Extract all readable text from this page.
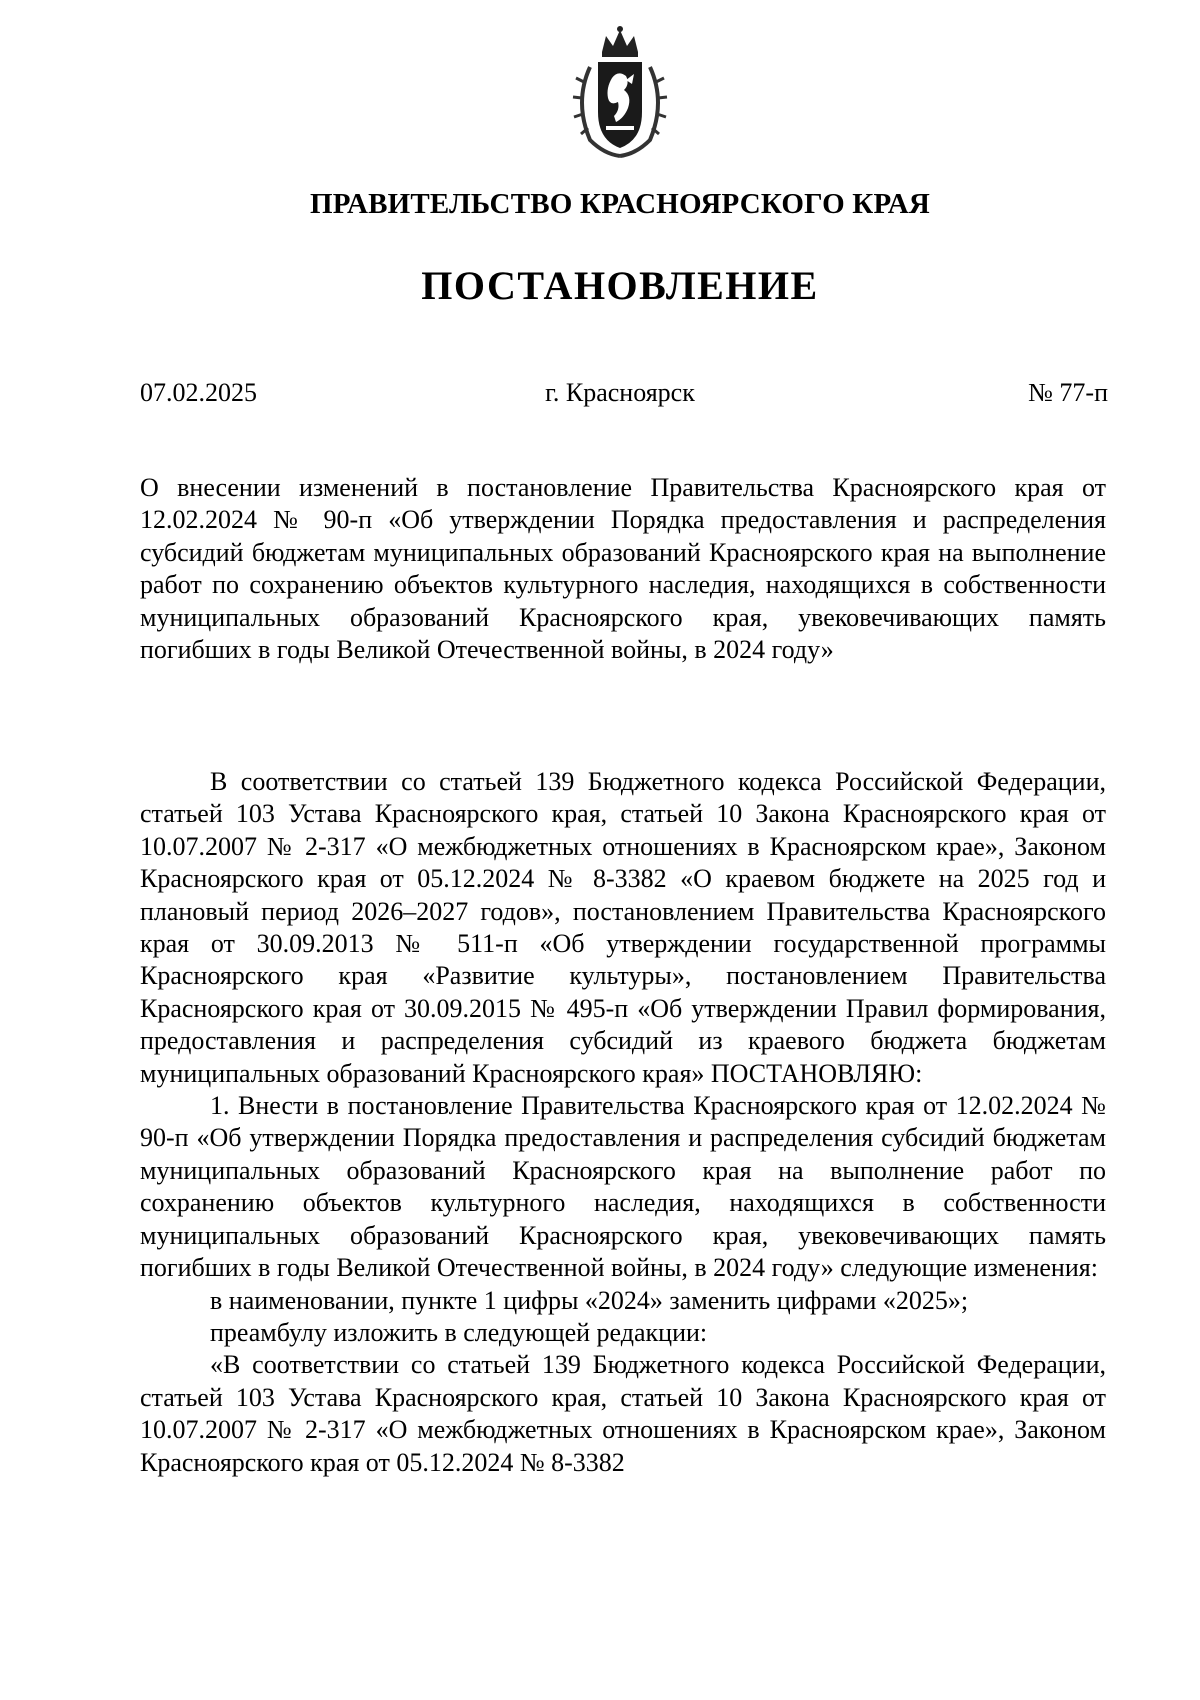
ПРАВИТЕЛЬСТВО КРАСНОЯРСКОГО КРАЯ
ПОСТАНОВЛЕНИЕ
07.02.2025	г. Красноярск	№ 77-п
О внесении изменений в постановление Правительства Красноярского края от 12.02.2024 № 90-п «Об утверждении Порядка предоставления и распределения субсидий бюджетам муниципальных образований Красноярского края на выполнение работ по сохранению объектов культурного наследия, находящихся в собственности муниципальных образований Красноярского края, увековечивающих память погибших в годы Великой Отечественной войны, в 2024 году»

В соответствии со статьей 139 Бюджетного кодекса Российской Федерации, статьей 103 Устава Красноярского края, статьей 10 Закона Красноярского края от 10.07.2007 № 2-317 «О межбюджетных отношениях в Красноярском крае», Законом Красноярского края от 05.12.2024 № 8-3382 «О краевом бюджете на 2025 год и плановый период 2026–2027 годов», постановлением Правительства Красноярского края от 30.09.2013 № 511-п «Об утверждении государственной программы Красноярского края «Развитие культуры», постановлением Правительства Красноярского края от 30.09.2015 № 495-п «Об утверждении Правил формирования, предоставления и распределения субсидий из краевого бюджета бюджетам муниципальных образований Красноярского края» ПОСТАНОВЛЯЮ:

1. Внести в постановление Правительства Красноярского края от 12.02.2024 № 90-п «Об утверждении Порядка предоставления и распределения субсидий бюджетам муниципальных образований Красноярского края на выполнение работ по сохранению объектов культурного наследия, находящихся в собственности муниципальных образований Красноярского края, увековечивающих память погибших в годы Великой Отечественной войны, в 2024 году» следующие изменения:

в наименовании, пункте 1 цифры «2024» заменить цифрами «2025»;

преамбулу изложить в следующей редакции:

«В соответствии со статьей 139 Бюджетного кодекса Российской Федерации, статьей 103 Устава Красноярского края, статьей 10 Закона Красноярского края от 10.07.2007 № 2-317 «О межбюджетных отношениях в Красноярском крае», Законом Красноярского края от 05.12.2024 № 8-3382
